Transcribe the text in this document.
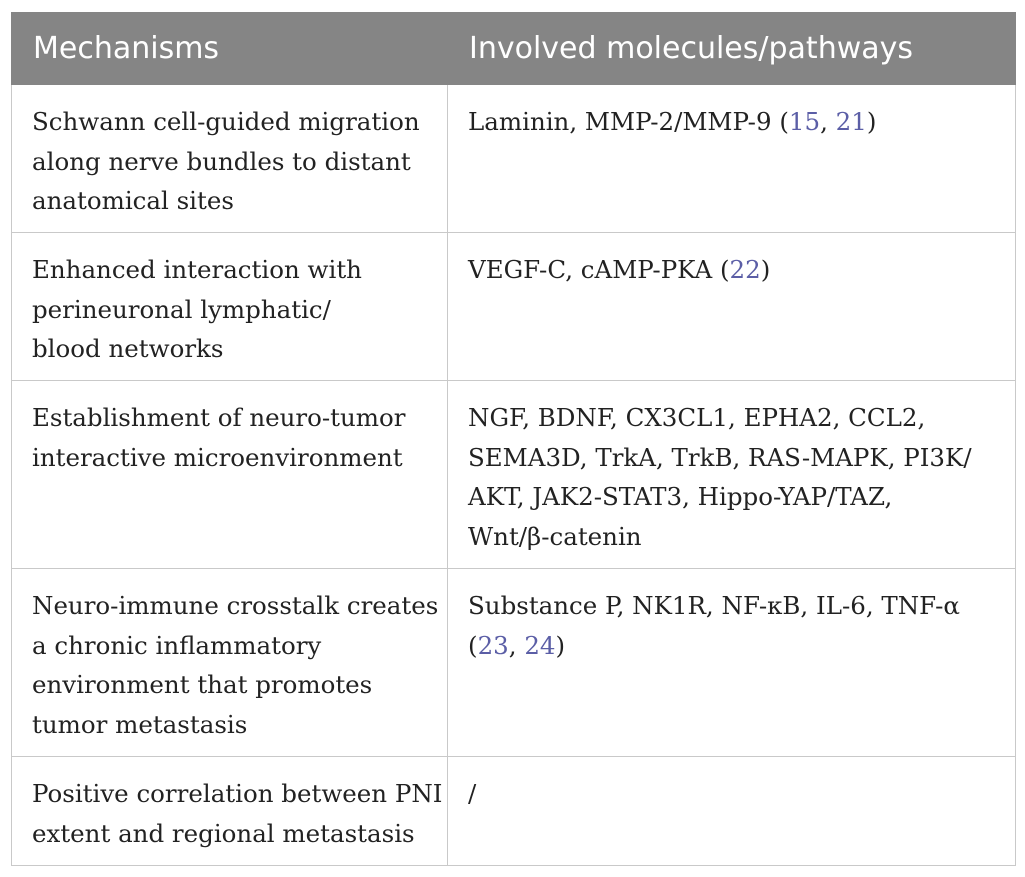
Mechanisms	Involved molecules/pathways

Schwann cell-guided migration
along nerve bundles to distant
anatomical sites	Laminin, MMP-2/MMP-9 (15, 21)

Enhanced interaction with
perineuronal lymphatic/
blood networks	VEGF-C, cAMP-PKA (22)

Establishment of neuro-tumor
interactive microenvironment	NGF, BDNF, CX3CL1, EPHA2, CCL2,
SEMA3D, TrkA, TrkB, RAS-MAPK, PI3K/
AKT, JAK2-STAT3, Hippo-YAP/TAZ,
Wnt/β-catenin

Neuro-immune crosstalk creates
a chronic inflammatory
environment that promotes
tumor metastasis	Substance P, NK1R, NF-κB, IL-6, TNF-α
(23, 24)

Positive correlation between PNI
extent and regional metastasis	/
